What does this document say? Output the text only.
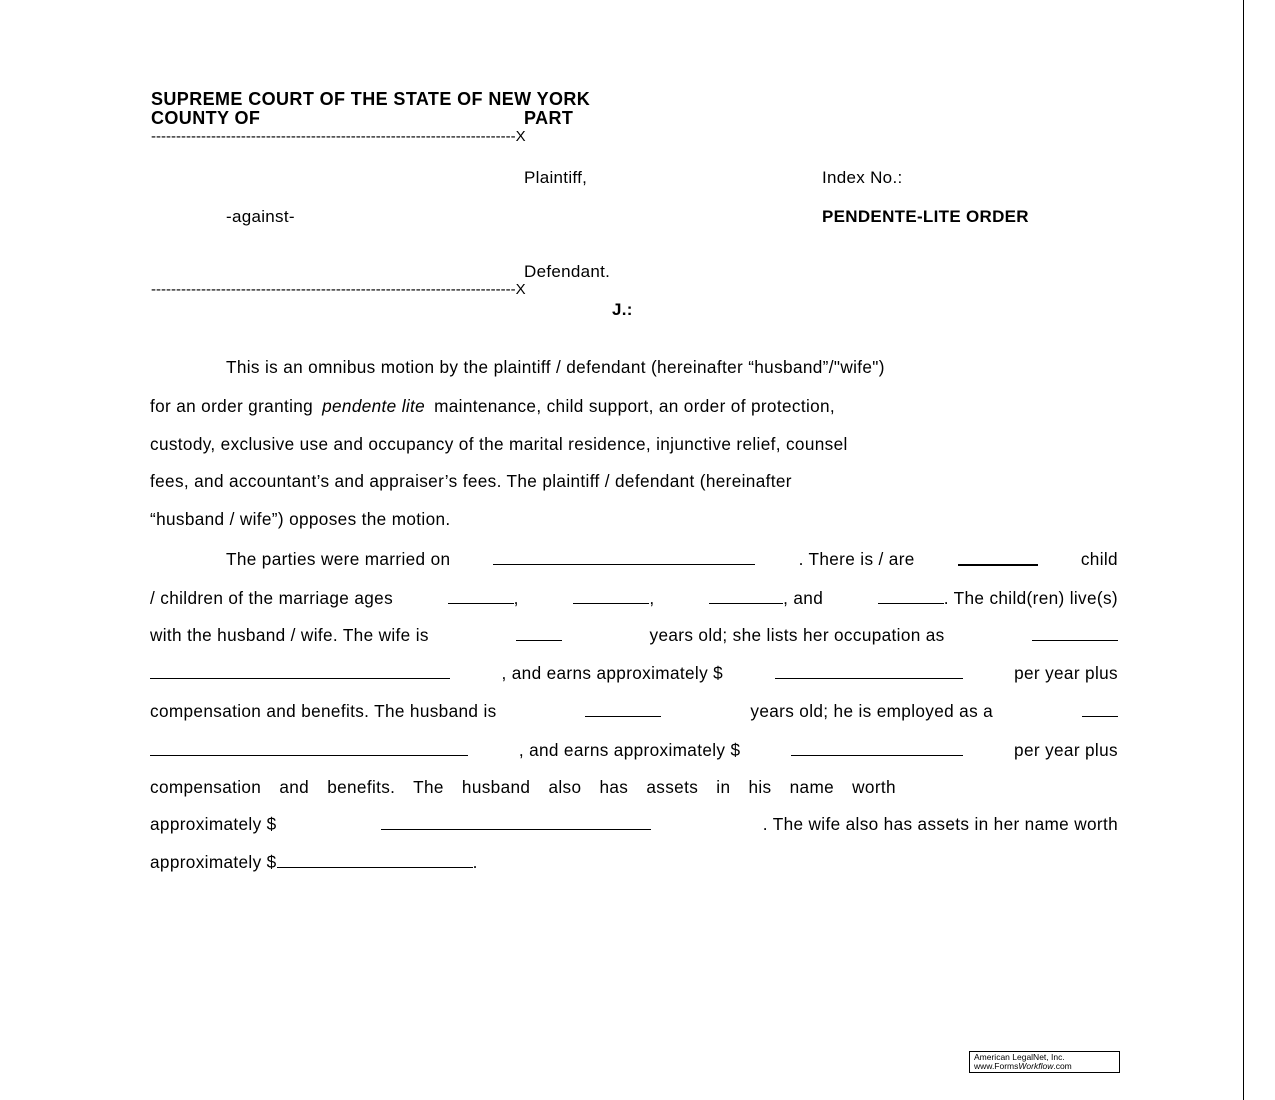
SUPREME COURT OF THE STATE OF NEW YORK
COUNTY OF	PART
-------------------------------------------------------------------------X
Plaintiff,	Index No.:
-against-	PENDENTE-LITE ORDER
Defendant.
-------------------------------------------------------------------------X
J.:
This is an omnibus motion by the plaintiff / defendant (hereinafter “husband”/"wife")
for an order granting pendente lite maintenance, child support, an order of protection,
custody, exclusive use and occupancy of the marital residence, injunctive relief, counsel
fees, and accountant’s and appraiser’s fees. The plaintiff / defendant (hereinafter
“husband / wife”) opposes the motion.
The parties were married on	. There is / are	child
/ children of the marriage ages	,	,	, and	. The child(ren) live(s)
with the husband / wife. The wife is	years old; she lists her occupation as
, and earns approximately $	per year plus
compensation and benefits. The husband is	years old; he is employed as a
, and earns approximately $	per year plus
compensation and benefits. The husband also has assets in his name worth
approximately $	. The wife also has assets in her name worth
approximately $	.
American LegalNet, Inc.
www.FormsWorkflow.com
